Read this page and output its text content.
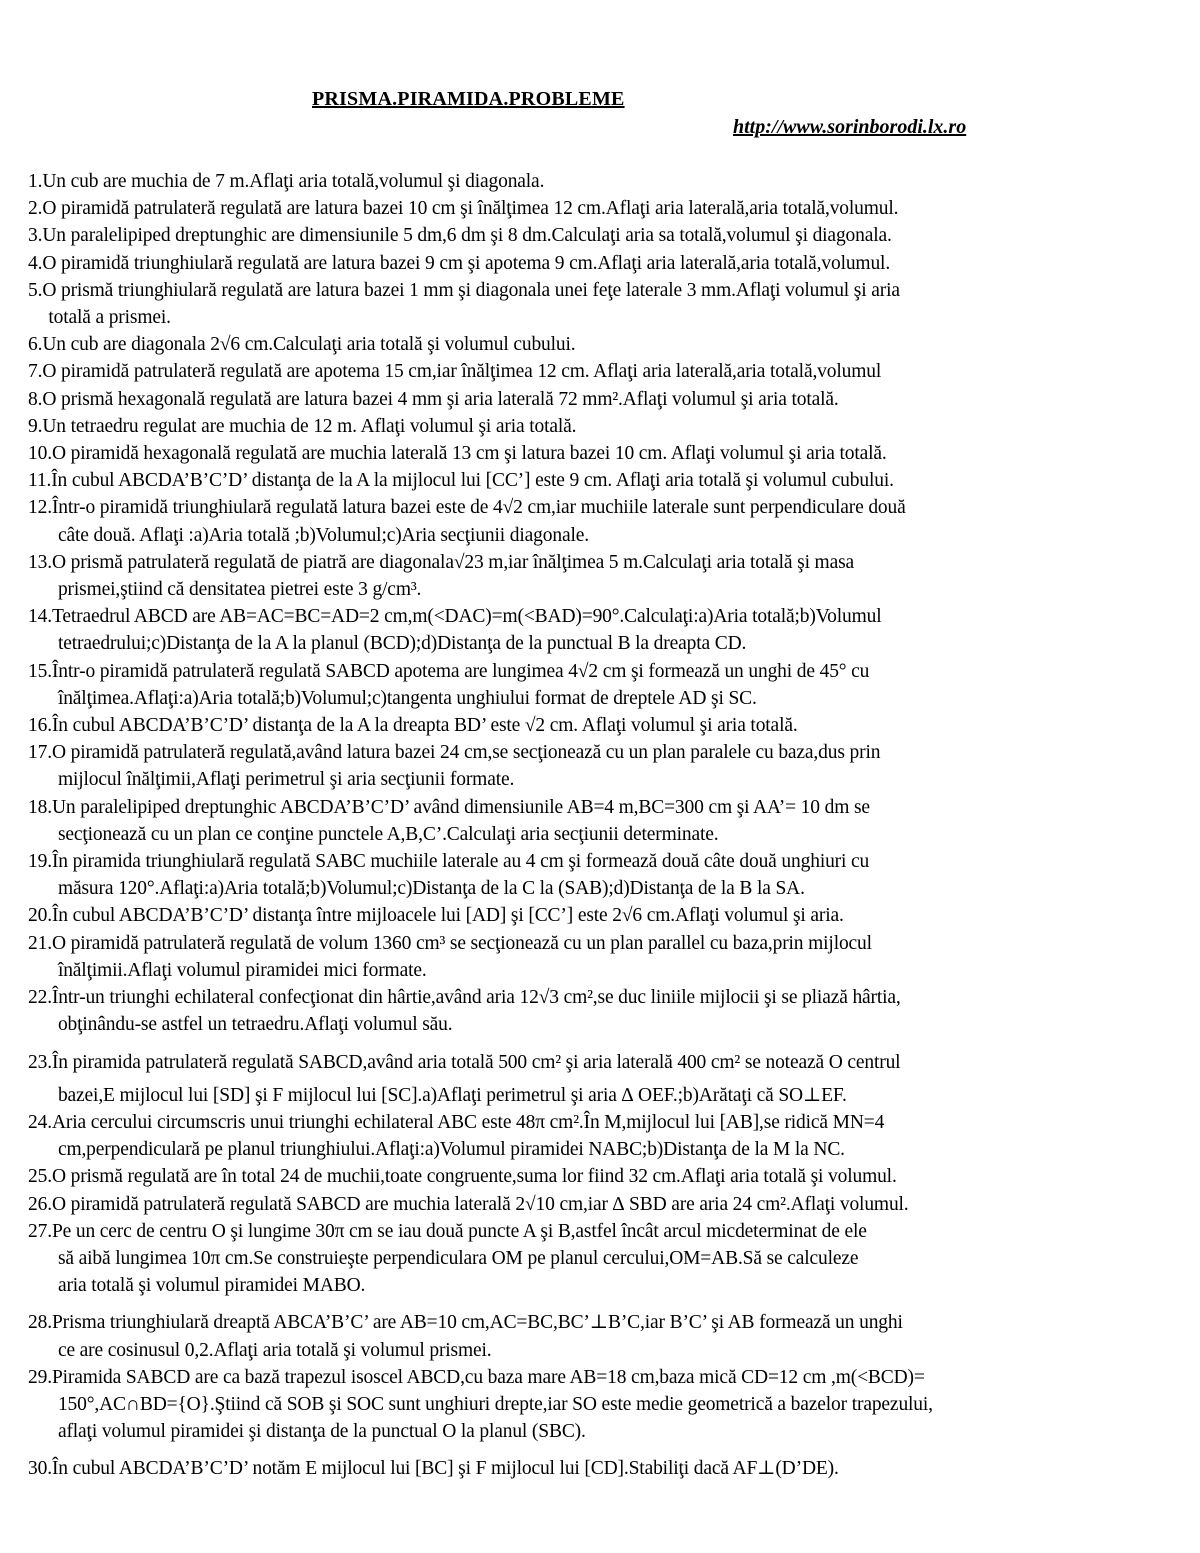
PRISMA.PIRAMIDA.PROBLEME
http://www.sorinborodi.lx.ro
1. Un cub are muchia de 7 m.Aflaţi aria totală,volumul şi diagonala.
2. O piramidă patrulateră regulată are latura bazei 10 cm şi înălţimea 12 cm.Aflaţi aria laterală,aria totală,volumul.
3. Un paralelipiped dreptunghic are dimensiunile 5 dm,6 dm şi 8 dm.Calculaţi aria sa totală,volumul şi diagonala.
4. O piramidă triunghiulară regulată are latura bazei 9 cm şi apotema 9 cm.Aflaţi aria laterală,aria totală,volumul.
5. O prismă triunghiulară regulată are latura bazei 1 mm şi diagonala unei feţe laterale 3 mm.Aflaţi volumul şi aria
totală a prismei.
6. Un cub are diagonala 2√6 cm.Calculaţi aria totală şi volumul cubului.
7. O piramidă patrulateră regulată are apotema 15 cm,iar înălţimea 12 cm. Aflaţi aria laterală,aria totală,volumul
8. O prismă hexagonală regulată are latura bazei 4 mm şi aria laterală 72 mm².Aflaţi volumul şi aria totală.
9. Un tetraedru regulat are muchia de 12 m. Aflaţi volumul şi aria totală.
10. O piramidă hexagonală regulată are muchia laterală 13 cm şi latura bazei 10 cm. Aflaţi volumul şi aria totală.
11. În cubul ABCDA’B’C’D’ distanţa de la A la mijlocul lui [CC’] este 9 cm. Aflaţi aria totală şi volumul cubului.
12. Într-o piramidă triunghiulară regulată latura bazei este de 4√2 cm,iar muchiile laterale sunt perpendiculare două
câte două. Aflaţi :a)Aria totală ;b)Volumul;c)Aria secţiunii diagonale.
13. O prismă patrulateră regulată de piatră are diagonala√23 m,iar înălţimea 5 m.Calculaţi aria totală şi masa
prismei,ştiind că densitatea pietrei este 3 g/cm³.
14. Tetraedrul ABCD are AB=AC=BC=AD=2 cm,m(<DAC)=m(<BAD)=90°.Calculaţi:a)Aria totală;b)Volumul
tetraedrului;c)Distanţa de la A la planul (BCD);d)Distanţa de la punctual B la dreapta CD.
15. Într-o piramidă patrulateră regulată SABCD apotema are lungimea 4√2 cm şi formează un unghi de 45° cu
înălţimea.Aflaţi:a)Aria totală;b)Volumul;c)tangenta unghiului format de dreptele AD şi SC.
16. În cubul ABCDA’B’C’D’ distanţa de la A la dreapta BD’ este √2 cm. Aflaţi volumul şi aria totală.
17. O piramidă patrulateră regulată,având latura bazei 24 cm,se secţionează cu un plan paralele cu baza,dus prin
mijlocul înălţimii,Aflaţi perimetrul şi aria secţiunii formate.
18. Un paralelipiped dreptunghic ABCDA’B’C’D’ având dimensiunile AB=4 m,BC=300 cm şi AA’= 10 dm se
secţionează cu un plan ce conţine punctele A,B,C’.Calculaţi aria secţiunii determinate.
19. În piramida triunghiulară regulată SABC muchiile laterale au 4 cm şi formează două câte două unghiuri cu
măsura 120°.Aflaţi:a)Aria totală;b)Volumul;c)Distanţa de la C la (SAB);d)Distanţa de la B la SA.
20. În cubul ABCDA’B’C’D’ distanţa între mijloacele lui [AD] şi [CC’] este 2√6 cm.Aflaţi volumul şi aria.
21. O piramidă patrulateră regulată de volum 1360 cm³ se secţionează cu un plan parallel cu baza,prin mijlocul
înălţimii.Aflaţi volumul piramidei mici formate.
22. Într-un triunghi echilateral confecţionat din hârtie,având aria 12√3 cm²,se duc liniile mijlocii şi se pliază hârtia,
obţinându-se astfel un tetraedru.Aflaţi volumul său.
23. În piramida patrulateră regulată SABCD,având aria totală 500 cm² şi aria laterală 400 cm² se notează O centrul
bazei,E mijlocul lui [SD] şi F mijlocul lui [SC].a)Aflaţi perimetrul şi aria ∆ OEF.;b)Arătaţi că SO⊥EF.
24. Aria cercului circumscris unui triunghi echilateral ABC este 48π cm².În M,mijlocul lui [AB],se ridică MN=4
cm,perpendiculară pe planul triunghiului.Aflaţi:a)Volumul piramidei NABC;b)Distanţa de la M la NC.
25. O prismă regulată are în total 24 de muchii,toate congruente,suma lor fiind 32 cm.Aflaţi aria totală şi volumul.
26. O piramidă patrulateră regulată SABCD are muchia laterală 2√10 cm,iar ∆ SBD are aria 24 cm².Aflaţi volumul.
27. Pe un cerc de centru O şi lungime 30π cm se iau două puncte A şi B,astfel încât arcul micdeterminat de ele
să aibă lungimea 10π cm.Se construieşte perpendiculara OM pe planul cercului,OM=AB.Să se calculeze
aria totală şi volumul piramidei MABO.
28. Prisma triunghiulară dreaptă ABCA’B’C’ are AB=10 cm,AC=BC,BC’⊥B’C,iar B’C’ şi AB formează un unghi
ce are cosinusul 0,2.Aflaţi aria totală şi volumul prismei.
29. Piramida SABCD are ca bază trapezul isoscel ABCD,cu baza mare AB=18 cm,baza mică CD=12 cm ,m(<BCD)=
150°,AC∩BD={O}.Ştiind că SOB şi SOC sunt unghiuri drepte,iar SO este medie geometrică a bazelor trapezului,
aflaţi volumul piramidei şi distanţa de la punctual O la planul (SBC).
30. În cubul ABCDA’B’C’D’ notăm E mijlocul lui [BC] şi F mijlocul lui [CD].Stabiliţi dacă AF⊥(D’DE).
